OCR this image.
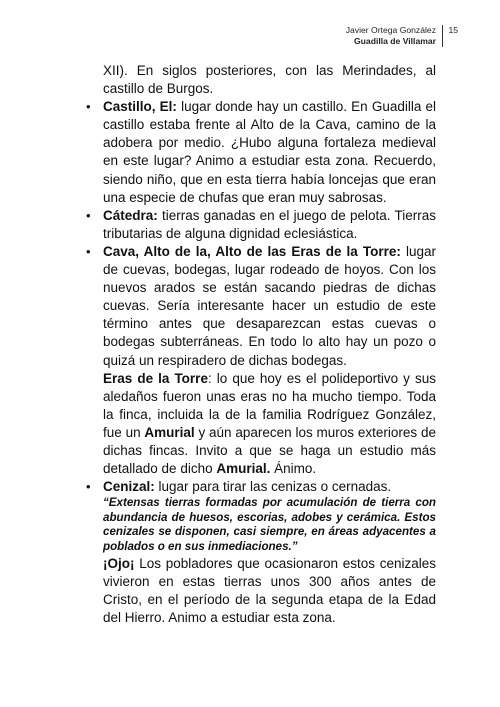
Javier Ortega González
Guadilla de Villamar
15

XII). En siglos posteriores, con las Merindades, al castillo de Burgos.

• Castillo, El: lugar donde hay un castillo. En Guadilla el castillo estaba frente al Alto de la Cava, camino de la adobera por medio. ¿Hubo alguna fortaleza medieval en este lugar? Animo a estudiar esta zona. Recuerdo, siendo niño, que en esta tierra había loncejas que eran una especie de chufas que eran muy sabrosas.

• Cátedra: tierras ganadas en el juego de pelota. Tierras tributarias de alguna dignidad eclesiástica.

• Cava, Alto de la, Alto de las Eras de la Torre: lugar de cuevas, bodegas, lugar rodeado de hoyos. Con los nuevos arados se están sacando piedras de dichas cuevas. Sería interesante hacer un estudio de este término antes que desaparezcan estas cuevas o bodegas subterráneas. En todo lo alto hay un pozo o quizá un respiradero de dichas bodegas.

Eras de la Torre: lo que hoy es el polideportivo y sus aledaños fueron unas eras no ha mucho tiempo. Toda la finca, incluida la de la familia Rodríguez González, fue un Amurial y aún aparecen los muros exteriores de dichas fincas. Invito a que se haga un estudio más detallado de dicho Amurial. Ánimo.

• Cenizal: lugar para tirar las cenizas o cernadas.

“Extensas tierras formadas por acumulación de tierra con abundancia de huesos, escorias, adobes y cerámica. Estos cenizales se disponen, casi siempre, en áreas adyacentes a poblados o en sus inmediaciones.”

¡Ojo¡ Los pobladores que ocasionaron estos cenizales vivieron en estas tierras unos 300 años antes de Cristo, en el período de la segunda etapa de la Edad del Hierro. Animo a estudiar esta zona.
